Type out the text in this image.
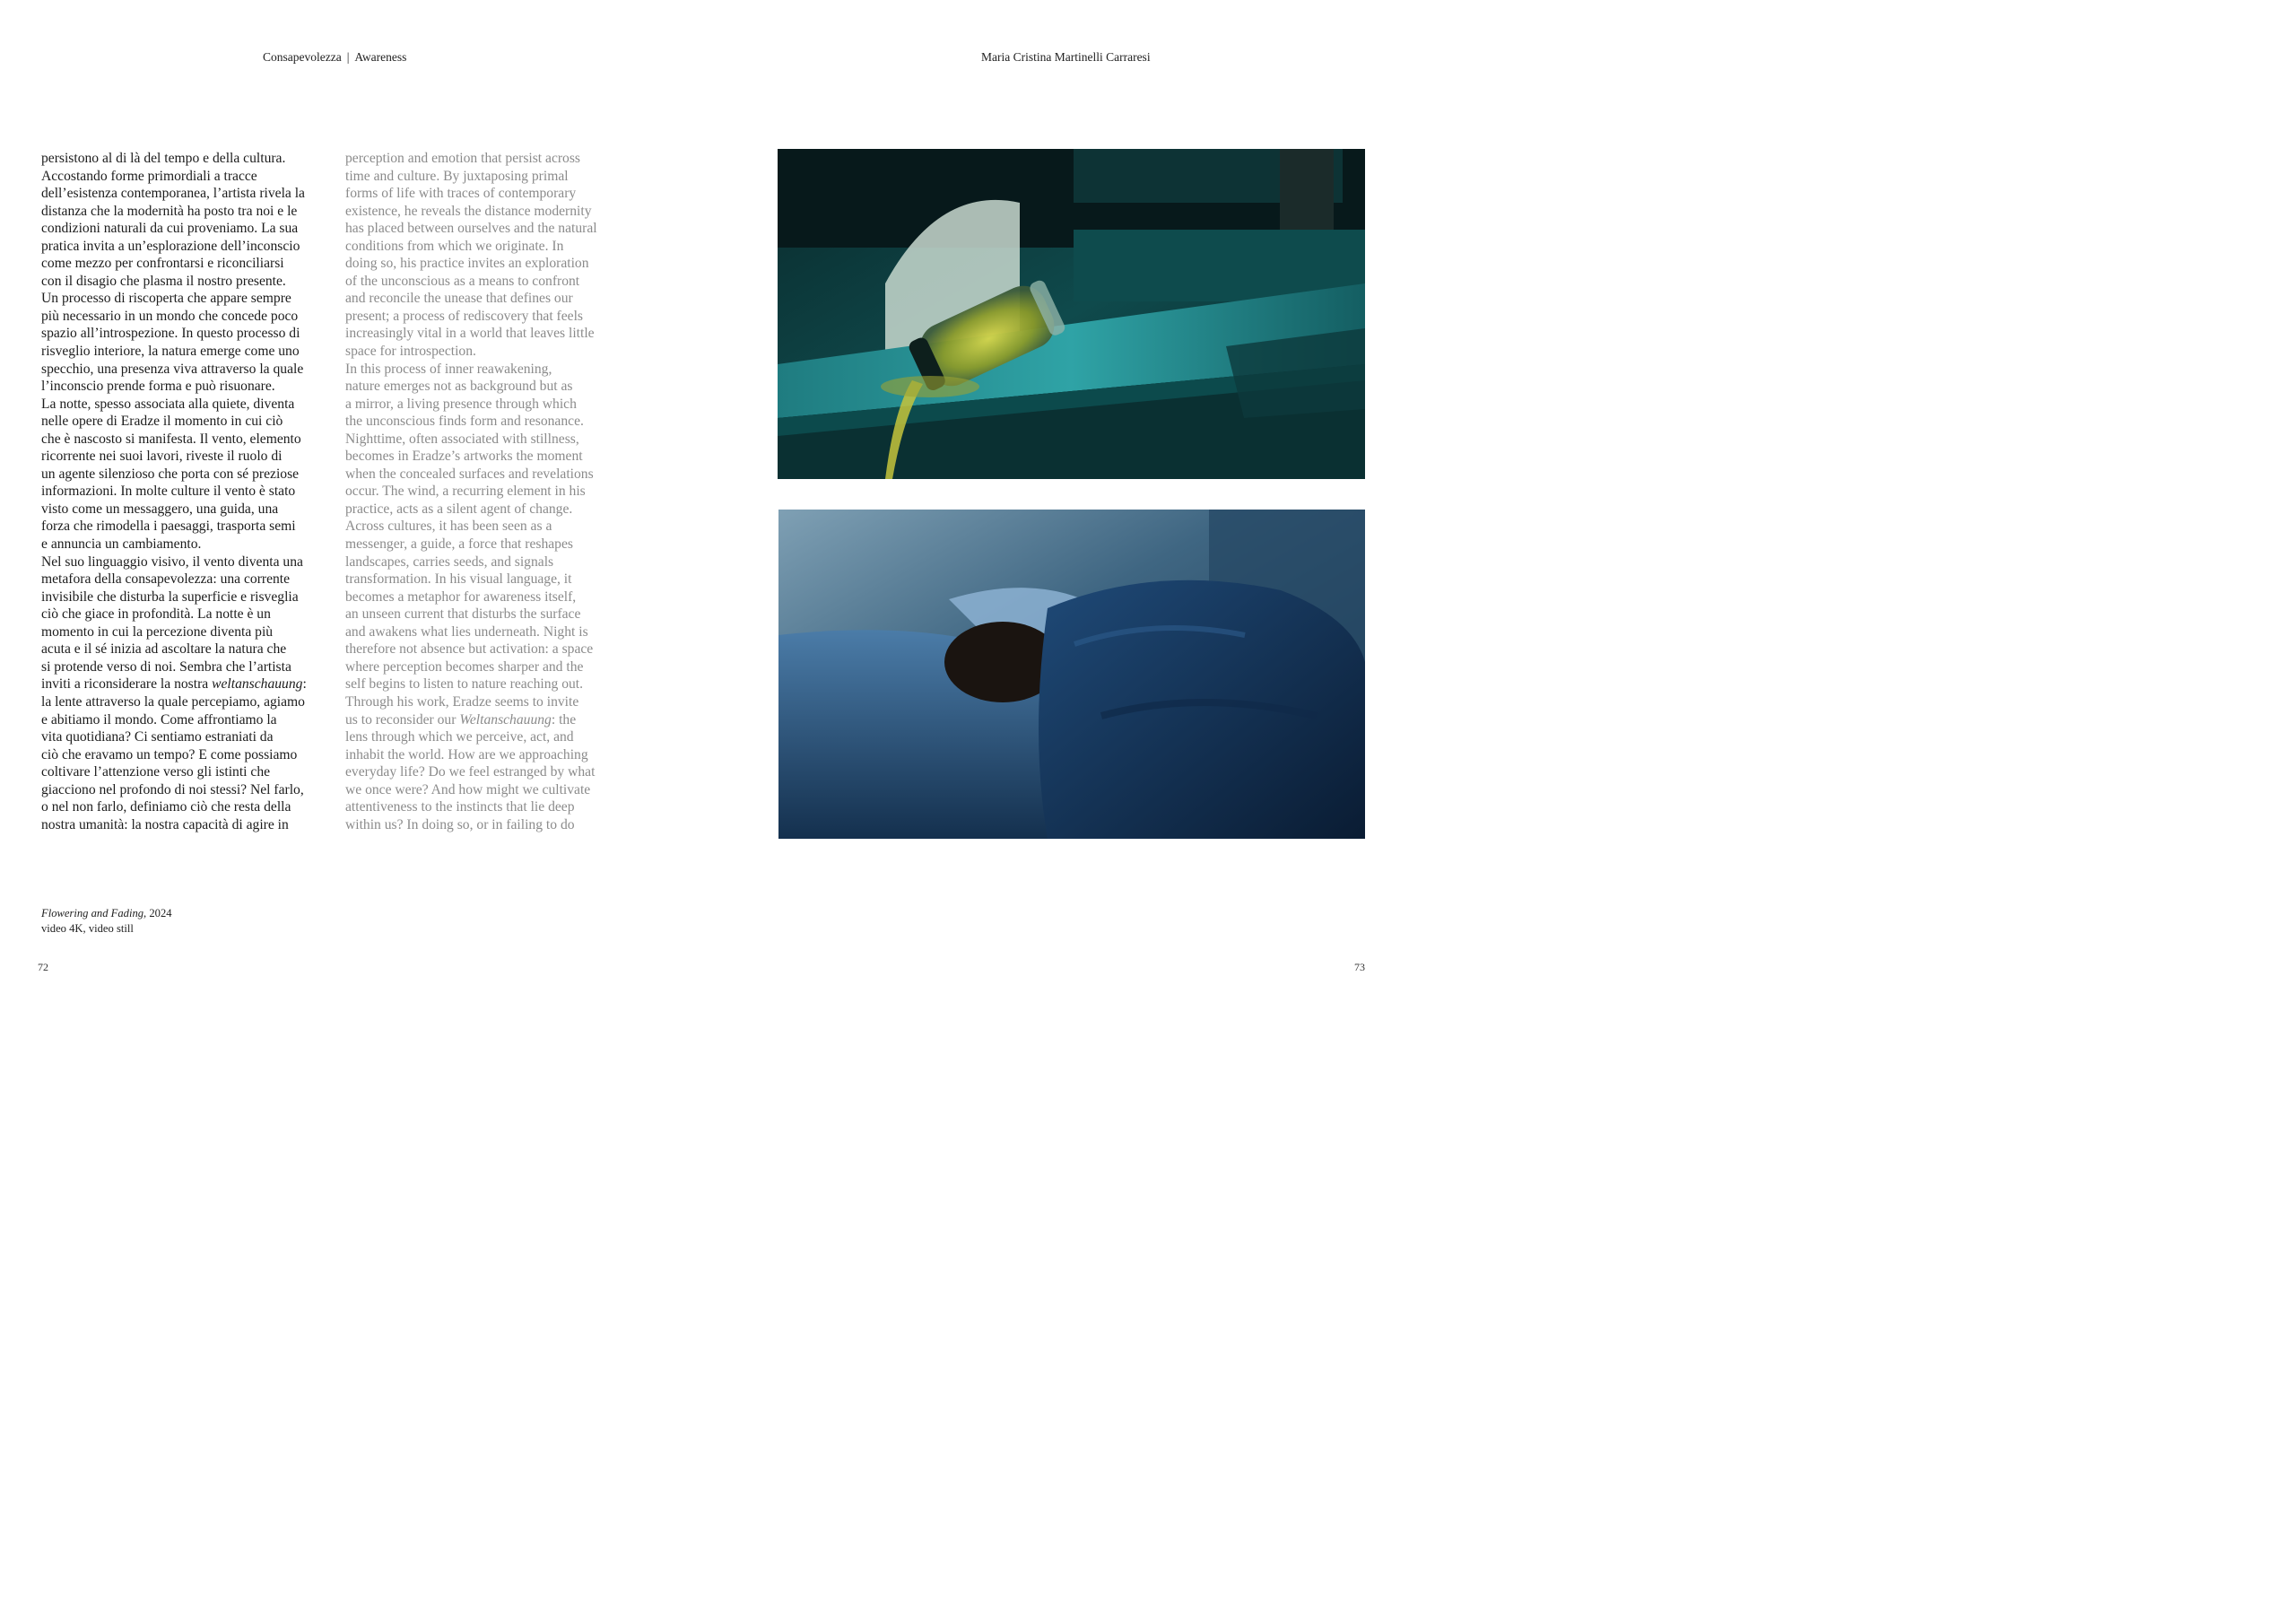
Consapevolezza | Awareness
persistono al di là del tempo e della cultura.
Accostando forme primordiali a tracce
dell’esistenza contemporanea, l’artista rivela la
distanza che la modernità ha posto tra noi e le
condizioni naturali da cui proveniamo. La sua
pratica invita a un’esplorazione dell’inconscio
come mezzo per confrontarsi e riconciliarsi
con il disagio che plasma il nostro presente.
Un processo di riscoperta che appare sempre
più necessario in un mondo che concede poco
spazio all’introspezione. In questo processo di
risveglio interiore, la natura emerge come uno
specchio, una presenza viva attraverso la quale
l’inconscio prende forma e può risuonare.
La notte, spesso associata alla quiete, diventa
nelle opere di Eradze il momento in cui ciò
che è nascosto si manifesta. Il vento, elemento
ricorrente nei suoi lavori, riveste il ruolo di
un agente silenzioso che porta con sé preziose
informazioni. In molte culture il vento è stato
visto come un messaggero, una guida, una
forza che rimodella i paesaggi, trasporta semi
e annuncia un cambiamento.
Nel suo linguaggio visivo, il vento diventa una
metafora della consapevolezza: una corrente
invisibile che disturba la superficie e risveglia
ciò che giace in profondità. La notte è un
momento in cui la percezione diventa più
acuta e il sé inizia ad ascoltare la natura che
si protende verso di noi. Sembra che l’artista
inviti a riconsiderare la nostra weltanschauung:
la lente attraverso la quale percepiamo, agiamo
e abitiamo il mondo. Come affrontiamo la
vita quotidiana? Ci sentiamo estraniati da
ciò che eravamo un tempo? E come possiamo
coltivare l’attenzione verso gli istinti che
giacciono nel profondo di noi stessi? Nel farlo,
o nel non farlo, definiamo ciò che resta della
nostra umanità: la nostra capacità di agire in
perception and emotion that persist across
time and culture. By juxtaposing primal
forms of life with traces of contemporary
existence, he reveals the distance modernity
has placed between ourselves and the natural
conditions from which we originate. In
doing so, his practice invites an exploration
of the unconscious as a means to confront
and reconcile the unease that defines our
present; a process of rediscovery that feels
increasingly vital in a world that leaves little
space for introspection.
In this process of inner reawakening,
nature emerges not as background but as
a mirror, a living presence through which
the unconscious finds form and resonance.
Nighttime, often associated with stillness,
becomes in Eradze’s artworks the moment
when the concealed surfaces and revelations
occur. The wind, a recurring element in his
practice, acts as a silent agent of change.
Across cultures, it has been seen as a
messenger, a guide, a force that reshapes
landscapes, carries seeds, and signals
transformation. In his visual language, it
becomes a metaphor for awareness itself,
an unseen current that disturbs the surface
and awakens what lies underneath. Night is
therefore not absence but activation: a space
where perception becomes sharper and the
self begins to listen to nature reaching out.
Through his work, Eradze seems to invite
us to reconsider our Weltanschauung: the
lens through which we perceive, act, and
inhabit the world. How are we approaching
everyday life? Do we feel estranged by what
we once were? And how might we cultivate
attentiveness to the instincts that lie deep
within us? In doing so, or in failing to do
Flowering and Fading, 2024
video 4K, video still
72
Maria Cristina Martinelli Carraresi
73
